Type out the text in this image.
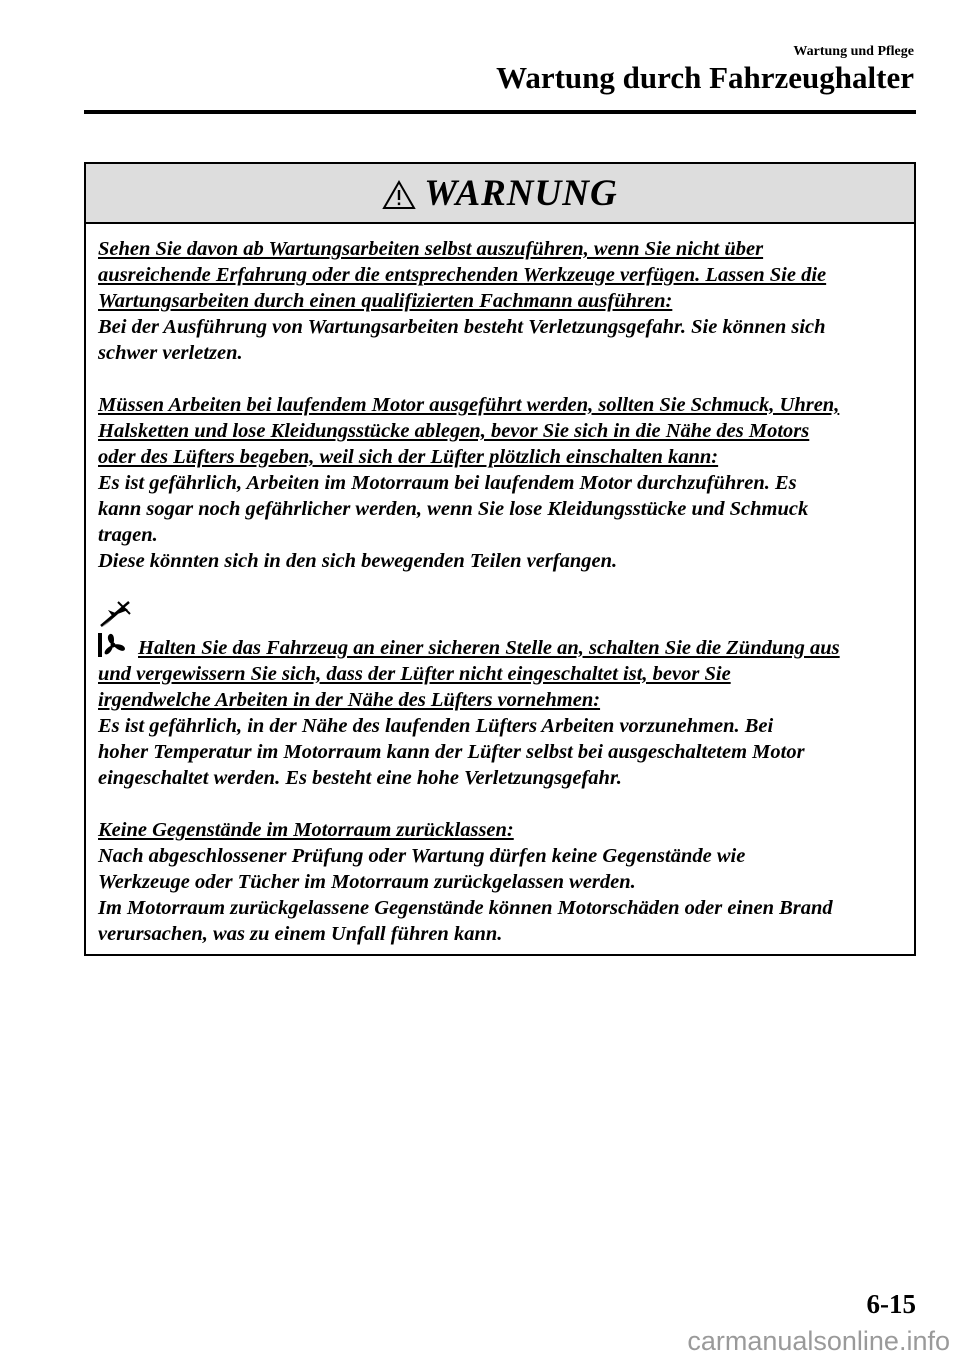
Wartung und Pflege
Wartung durch Fahrzeughalter
WARNUNG
Sehen Sie davon ab Wartungsarbeiten selbst auszuführen, wenn Sie nicht über
ausreichende Erfahrung oder die entsprechenden Werkzeuge verfügen. Lassen Sie die
Wartungsarbeiten durch einen qualifizierten Fachmann ausführen:
Bei der Ausführung von Wartungsarbeiten besteht Verletzungsgefahr. Sie können sich
schwer verletzen.
Müssen Arbeiten bei laufendem Motor ausgeführt werden, sollten Sie Schmuck, Uhren,
Halsketten und lose Kleidungsstücke ablegen, bevor Sie sich in die Nähe des Motors
oder des Lüfters begeben, weil sich der Lüfter plötzlich einschalten kann:
Es ist gefährlich, Arbeiten im Motorraum bei laufendem Motor durchzuführen. Es
kann sogar noch gefährlicher werden, wenn Sie lose Kleidungsstücke und Schmuck
tragen.
Diese könnten sich in den sich bewegenden Teilen verfangen.
Halten Sie das Fahrzeug an einer sicheren Stelle an, schalten Sie die Zündung aus
und vergewissern Sie sich, dass der Lüfter nicht eingeschaltet ist, bevor Sie
irgendwelche Arbeiten in der Nähe des Lüfters vornehmen:
Es ist gefährlich, in der Nähe des laufenden Lüfters Arbeiten vorzunehmen. Bei
hoher Temperatur im Motorraum kann der Lüfter selbst bei ausgeschaltetem Motor
eingeschaltet werden. Es besteht eine hohe Verletzungsgefahr.
Keine Gegenstände im Motorraum zurücklassen:
Nach abgeschlossener Prüfung oder Wartung dürfen keine Gegenstände wie
Werkzeuge oder Tücher im Motorraum zurückgelassen werden.
Im Motorraum zurückgelassene Gegenstände können Motorschäden oder einen Brand
verursachen, was zu einem Unfall führen kann.
6-15
carmanualsonline.info
